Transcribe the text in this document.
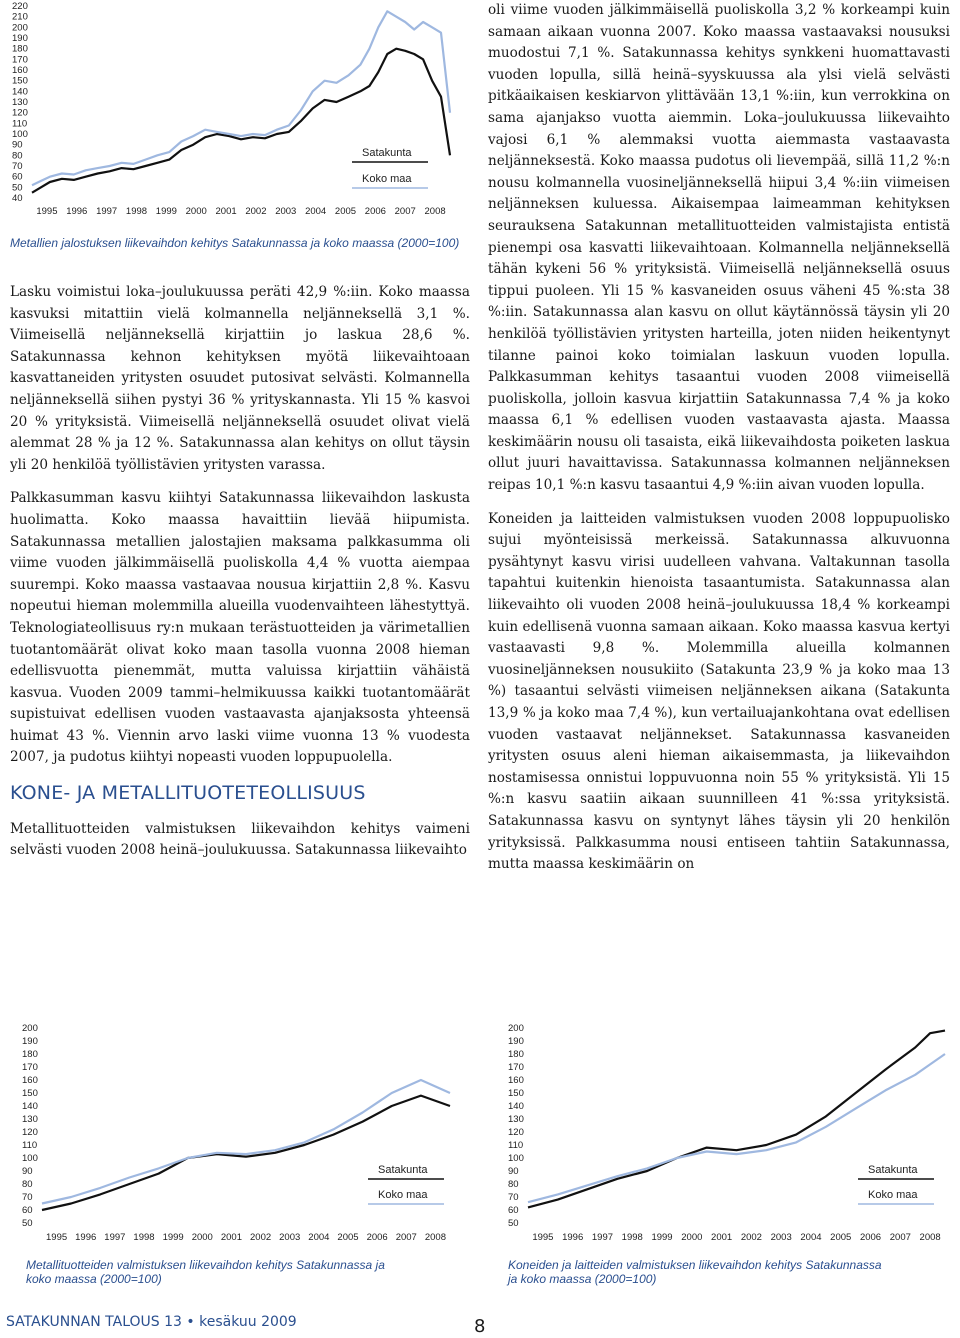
220
210
200
190
180
170
160
150
140
130
120
110
100
90
80
70
60
50
40
1995 1996 1997 1998 1999 2000 2001 2002 2003 2004 2005 2006 2007 2008
Satakunta
Koko maa
Metallien jalostuksen liikevaihdon kehitys Satakunnassa ja koko maassa (2000=100)

Lasku voimistui loka–joulukuussa peräti 42,9 %:iin. Koko maassa kasvuksi mitattiin vielä kolmannella neljänneksellä 3,1 %. Viimeisellä neljänneksellä kirjattiin jo laskua 28,6 %. Satakunnassa kehnon kehityksen myötä liikevaihtoaan kasvattaneiden yritysten osuudet putosivat selvästi. Kolmannella neljänneksellä siihen pystyi 36 % yrityskannasta. Yli 15 % kasvoi 20 % yrityksistä. Viimeisellä neljänneksellä osuudet olivat vielä alemmat 28 % ja 12 %. Satakunnassa alan kehitys on ollut täysin yli 20 henkilöä työllistävien yritysten varassa.

Palkkasumman kasvu kiihtyi Satakunnassa liikevaihdon laskusta huolimatta. Koko maassa havaittiin lievää hiipumista. Satakunnassa metallien jalostajien maksama palkkasumma oli viime vuoden jälkimmäisellä puoliskolla 4,4 % vuotta aiempaa suurempi. Koko maassa vastaavaa nousua kirjattiin 2,8 %. Kasvu nopeutui hieman molemmilla alueilla vuodenvaihteen lähestyttyä. Teknologiateollisuus ry:n mukaan terästuotteiden ja värimetallien tuotantomäärät olivat koko maan tasolla vuonna 2008 hieman edellisvuotta pienemmät, mutta valuissa kirjattiin vähäistä kasvua. Vuoden 2009 tammi–helmikuussa kaikki tuotantomäärät supistuivat edellisen vuoden vastaavasta ajanjaksosta yhteensä huimat 43 %. Viennin arvo laski viime vuonna 13 % vuodesta 2007, ja pudotus kiihtyi nopeasti vuoden loppupuolella.

KONE- JA METALLITUOTETEOLLISUUS

Metallituotteiden valmistuksen liikevaihdon kehitys vaimeni selvästi vuoden 2008 heinä–joulukuussa. Satakunnassa liikevaihto

oli viime vuoden jälkimmäisellä puoliskolla 3,2 % korkeampi kuin samaan aikaan vuonna 2007. Koko maassa vastaavaksi nousuksi muodostui 7,1 %. Satakunnassa kehitys synkkeni huomattavasti vuoden lopulla, sillä heinä–syyskuussa ala ylsi vielä selvästi pitkäaikaisen keskiarvon ylittävään 13,1 %:iin, kun verrokkina on sama ajanjakso vuotta aiemmin. Loka–joulukuussa liikevaihto vajosi 6,1 % alemmaksi vuotta aiemmasta vastaavasta neljänneksestä. Koko maassa pudotus oli lievempää, sillä 11,2 %:n nousu kolmannella vuosineljänneksellä hiipui 3,4 %:iin viimeisen neljänneksen kuluessa. Aikaisempaa laimeamman kehityksen seurauksena Satakunnan metallituotteiden valmistajista entistä pienempi osa kasvatti liikevaihtoaan. Kolmannella neljänneksellä tähän kykeni 56 % yrityksistä. Viimeisellä neljänneksellä osuus tippui puoleen. Yli 15 % kasvaneiden osuus väheni 45 %:sta 38 %:iin. Satakunnassa alan kasvu on ollut käytännössä täysin yli 20 henkilöä työllistävien yritysten harteilla, joten niiden heikentynyt tilanne painoi koko toimialan laskuun vuoden lopulla. Palkkasumman kehitys tasaantui vuoden 2008 viimeisellä puoliskolla, jolloin kasvua kirjattiin Satakunnassa 7,4 % ja koko maassa 6,1 % edellisen vuoden vastaavasta ajasta. Maassa keskimäärin nousu oli tasaista, eikä liikevaihdosta poiketen laskua ollut juuri havaittavissa. Satakunnassa kolmannen neljänneksen reipas 10,1 %:n kasvu tasaantui 4,9 %:iin aivan vuoden lopulla.

Koneiden ja laitteiden valmistuksen vuoden 2008 loppupuolisko sujui myönteisissä merkeissä. Satakunnassa alkuvuonna pysähtynyt kasvu virisi uudelleen vahvana. Valtakunnan tasolla tapahtui kuitenkin hienoista tasaantumista. Satakunnassa alan liikevaihto oli vuoden 2008 heinä–joulukuussa 18,4 % korkeampi kuin edellisenä vuonna samaan aikaan. Koko maassa kasvua kertyi vastaavasti 9,8 %. Molemmilla alueilla kolmannen vuosineljänneksen nousukiito (Satakunta 23,9 % ja koko maa 13 %) tasaantui selvästi viimeisen neljänneksen aikana (Satakunta 13,9 % ja koko maa 7,4 %), kun vertailuajankohtana ovat edellisen vuoden vastaavat neljännekset. Satakunnassa kasvaneiden yritysten osuus aleni hieman aikaisemmasta, ja liikevaihdon nostamisessa onnistui loppuvuonna noin 55 % yrityksistä. Yli 15 %:n kasvu saatiin aikaan suunnilleen 41 %:ssa yrityksistä. Satakunnassa kasvu on syntynyt lähes täysin yli 20 henkilön yrityksissä. Palkkasumma nousi entiseen tahtiin Satakunnassa, mutta maassa keskimäärin on

200
190
180
170
160
150
140
130
120
110
100
90
80
70
60
50
1995 1996 1997 1998 1999 2000 2001 2002 2003 2004 2005 2006 2007 2008
Satakunta
Koko maa
Metallituotteiden valmistuksen liikevaihdon kehitys Satakunnassa ja koko maassa (2000=100)
200
190
180
170
160
150
140
130
120
110
100
90
80
70
60
50
1995 1996 1997 1998 1999 2000 2001 2002 2003 2004 2005 2006 2007 2008
Satakunta
Koko maa
Koneiden ja laitteiden valmistuksen liikevaihdon kehitys Satakunnassa ja koko maassa (2000=100)
SATAKUNNAN TALOUS 13 • kesäkuu 2009	8
